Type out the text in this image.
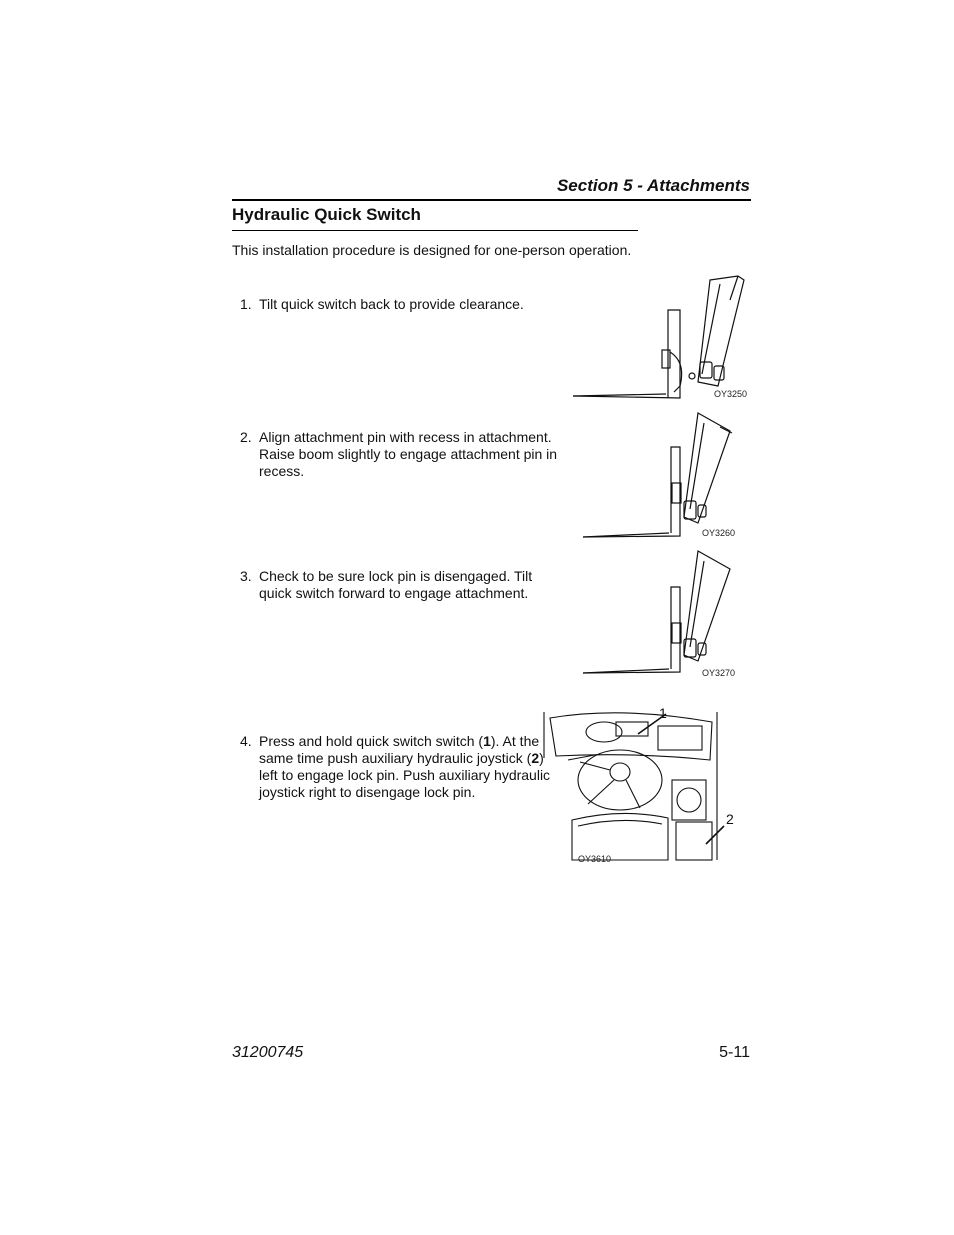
Section 5 - Attachments
Hydraulic Quick Switch
This installation procedure is designed for one-person operation.
1. Tilt quick switch back to provide clearance.
OY3250
2. Align attachment pin with recess in attachment. Raise boom slightly to engage attachment pin in recess.
OY3260
3. Check to be sure lock pin is disengaged. Tilt quick switch forward to engage attachment.
OY3270
4. Press and hold quick switch switch (1). At the same time push auxiliary hydraulic joystick (2) left to engage lock pin. Push auxiliary hydraulic joystick right to disengage lock pin.
1
2
OY3610
31200745	5-11
